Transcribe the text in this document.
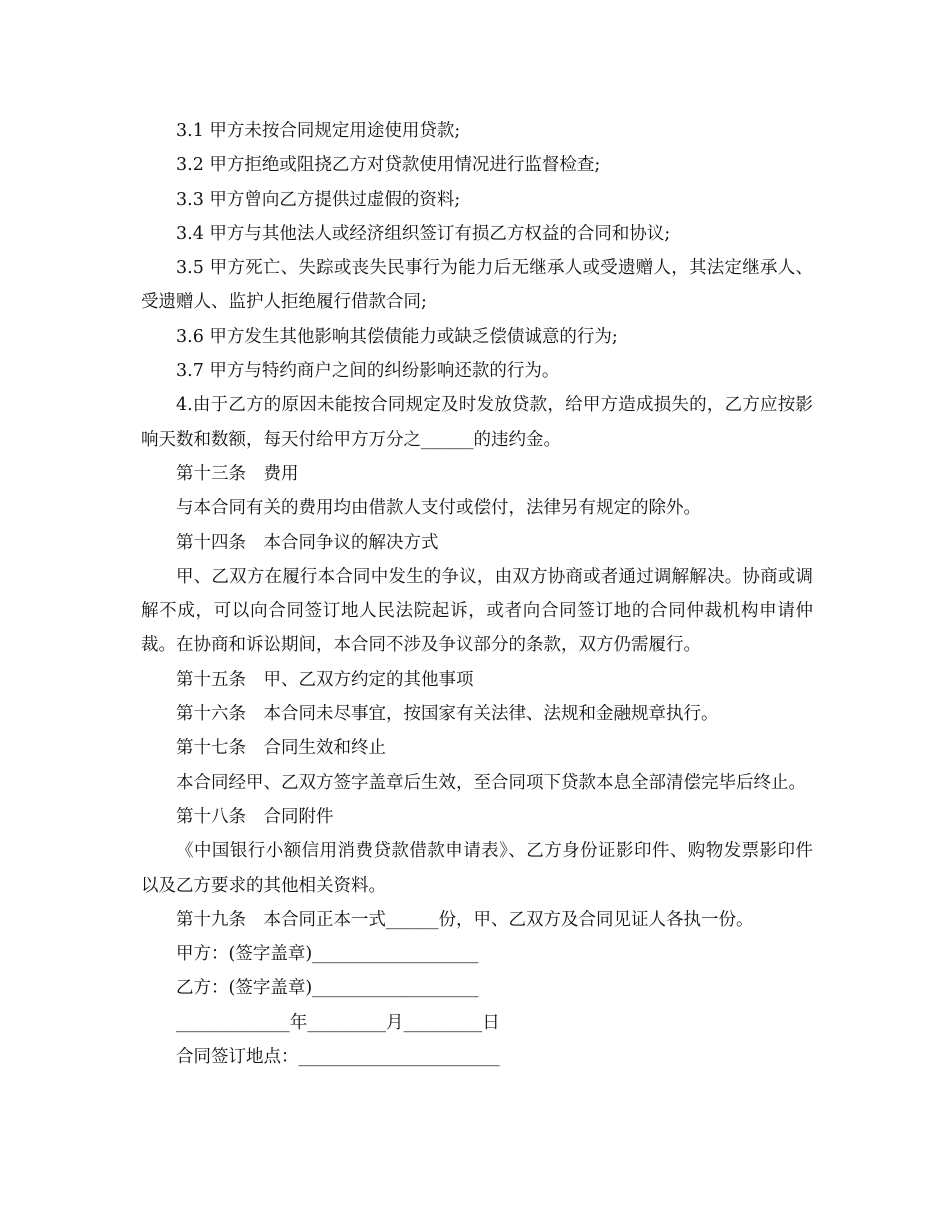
3.1 甲方未按合同规定用途使用贷款;

3.2 甲方拒绝或阻挠乙方对贷款使用情况进行监督检查;

3.3 甲方曾向乙方提供过虚假的资料;

3.4 甲方与其他法人或经济组织签订有损乙方权益的合同和协议;

3.5 甲方死亡、失踪或丧失民事行为能力后无继承人或受遗赠人，其法定继承人、受遗赠人、监护人拒绝履行借款合同;

3.6 甲方发生其他影响其偿债能力或缺乏偿债诚意的行为;

3.7 甲方与特约商户之间的纠纷影响还款的行为。

4.由于乙方的原因未能按合同规定及时发放贷款，给甲方造成损失的，乙方应按影响天数和数额，每天付给甲方万分之______的违约金。

第十三条　费用

与本合同有关的费用均由借款人支付或偿付，法律另有规定的除外。

第十四条　本合同争议的解决方式

甲、乙双方在履行本合同中发生的争议，由双方协商或者通过调解解决。协商或调解不成，可以向合同签订地人民法院起诉，或者向合同签订地的合同仲裁机构申请仲裁。在协商和诉讼期间，本合同不涉及争议部分的条款，双方仍需履行。

第十五条　甲、乙双方约定的其他事项

第十六条　本合同未尽事宜，按国家有关法律、法规和金融规章执行。

第十七条　合同生效和终止

本合同经甲、乙双方签字盖章后生效，至合同项下贷款本息全部清偿完毕后终止。

第十八条　合同附件

《中国银行小额信用消费贷款借款申请表》、乙方身份证影印件、购物发票影印件以及乙方要求的其他相关资料。

第十九条　本合同正本一式______份，甲、乙双方及合同见证人各执一份。

甲方：(签字盖章)___________________

乙方：(签字盖章)___________________

_____________年_________月_________日

合同签订地点：_______________________
